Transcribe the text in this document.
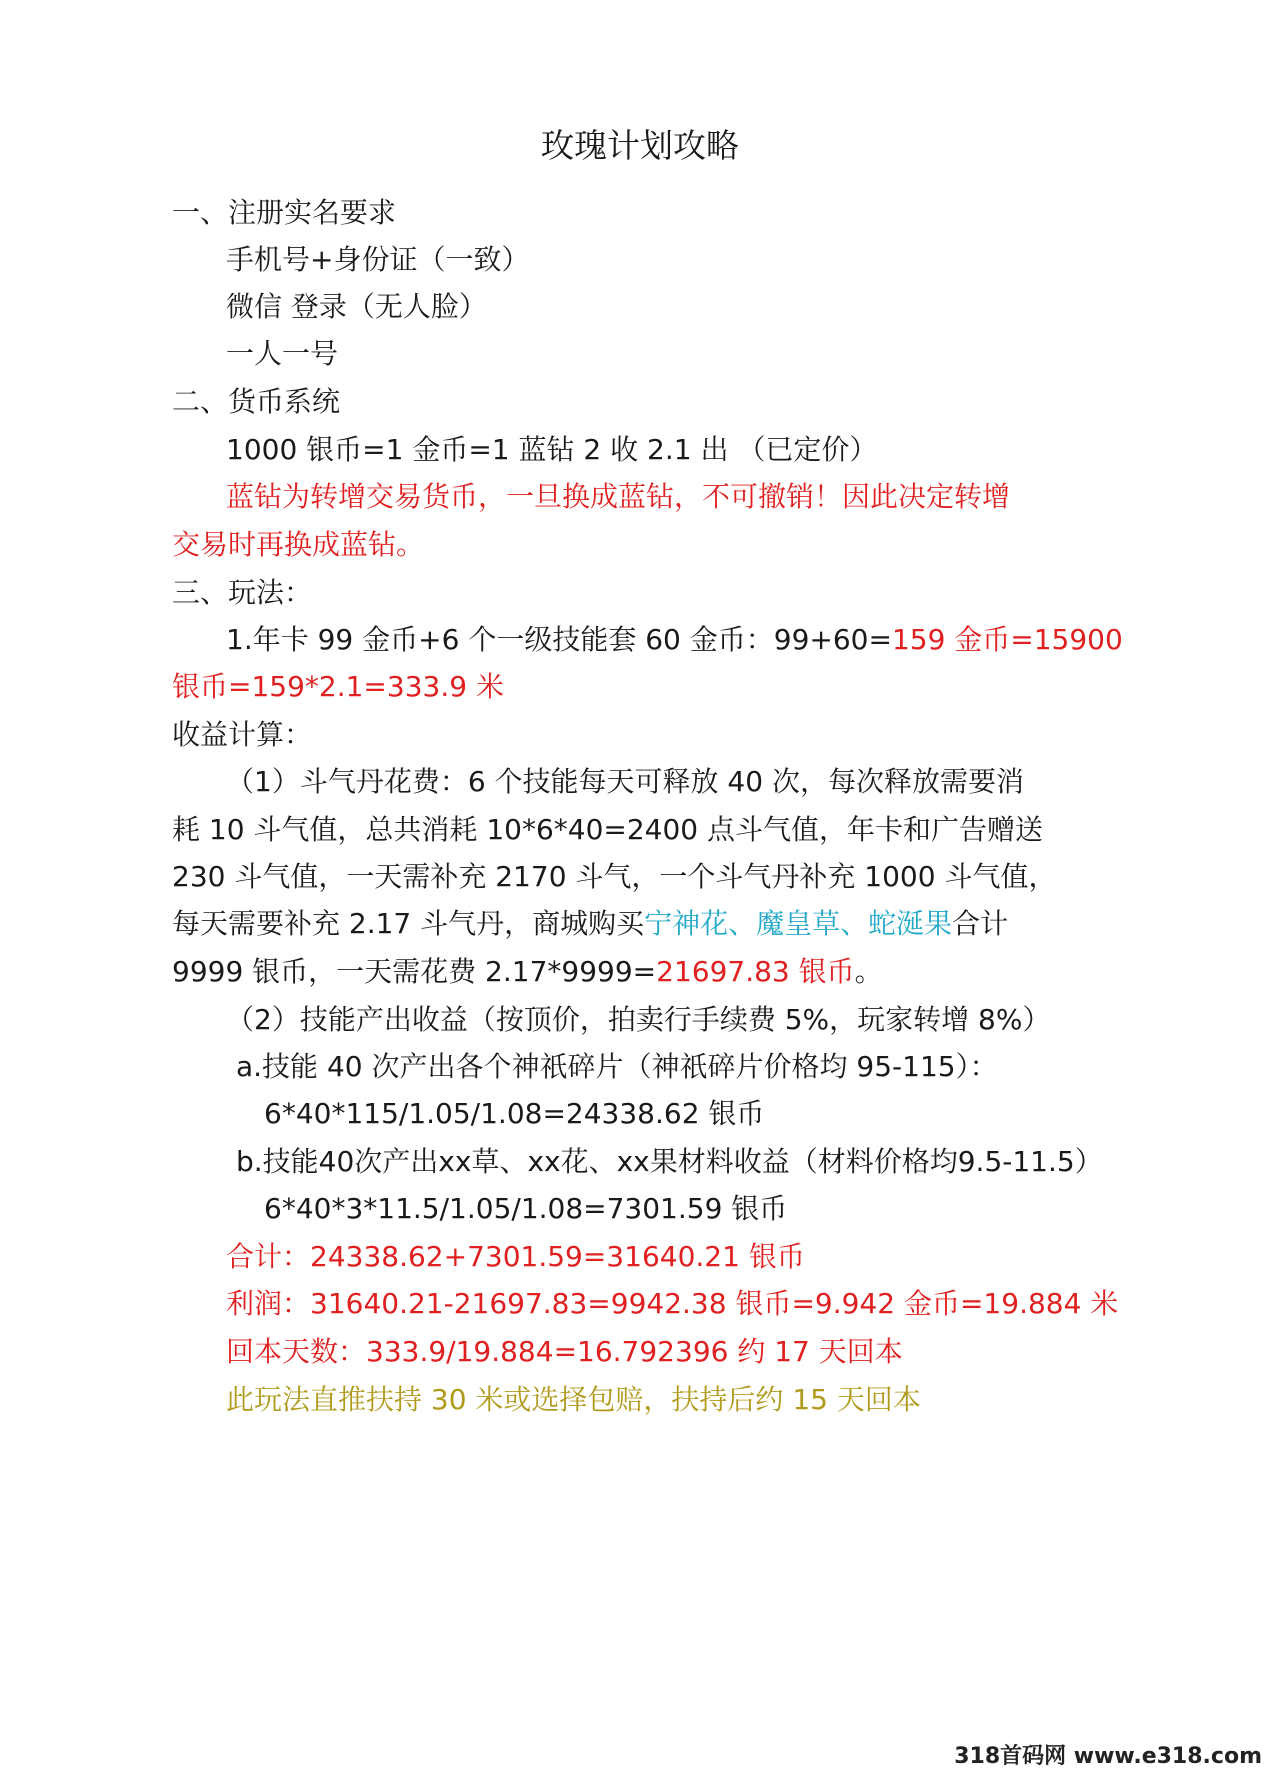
玫瑰计划攻略
一、注册实名要求
手机号+身份证（一致）
微信 登录（无人脸）
一人一号
二、货币系统
1000 银币=1 金币=1 蓝钻 2 收 2.1 出 （已定价）
蓝钻为转增交易货币，一旦换成蓝钻，不可撤销！因此决定转增
交易时再换成蓝钻。
三、玩法：
1.年卡 99 金币+6 个一级技能套 60 金币：99+60=159 金币=15900
银币=159*2.1=333.9 米
收益计算：
（1）斗气丹花费：6 个技能每天可释放 40 次，每次释放需要消
耗 10 斗气值，总共消耗 10*6*40=2400 点斗气值，年卡和广告赠送
230 斗气值，一天需补充 2170 斗气，一个斗气丹补充 1000 斗气值，
每天需要补充 2.17 斗气丹，商城购买宁神花、魔皇草、蛇涎果合计
9999 银币，一天需花费 2.17*9999=21697.83 银币。
（2）技能产出收益（按顶价，拍卖行手续费 5%，玩家转增 8%）
a.技能 40 次产出各个神祇碎片（神祇碎片价格均 95-115）：
6*40*115/1.05/1.08=24338.62 银币
b.技能40次产出xx草、xx花、xx果材料收益（材料价格均9.5-11.5）
6*40*3*11.5/1.05/1.08=7301.59 银币
合计：24338.62+7301.59=31640.21 银币
利润：31640.21-21697.83=9942.38 银币=9.942 金币=19.884 米
回本天数：333.9/19.884=16.792396 约 17 天回本
此玩法直推扶持 30 米或选择包赔，扶持后约 15 天回本
318首码网 www.e318.com
